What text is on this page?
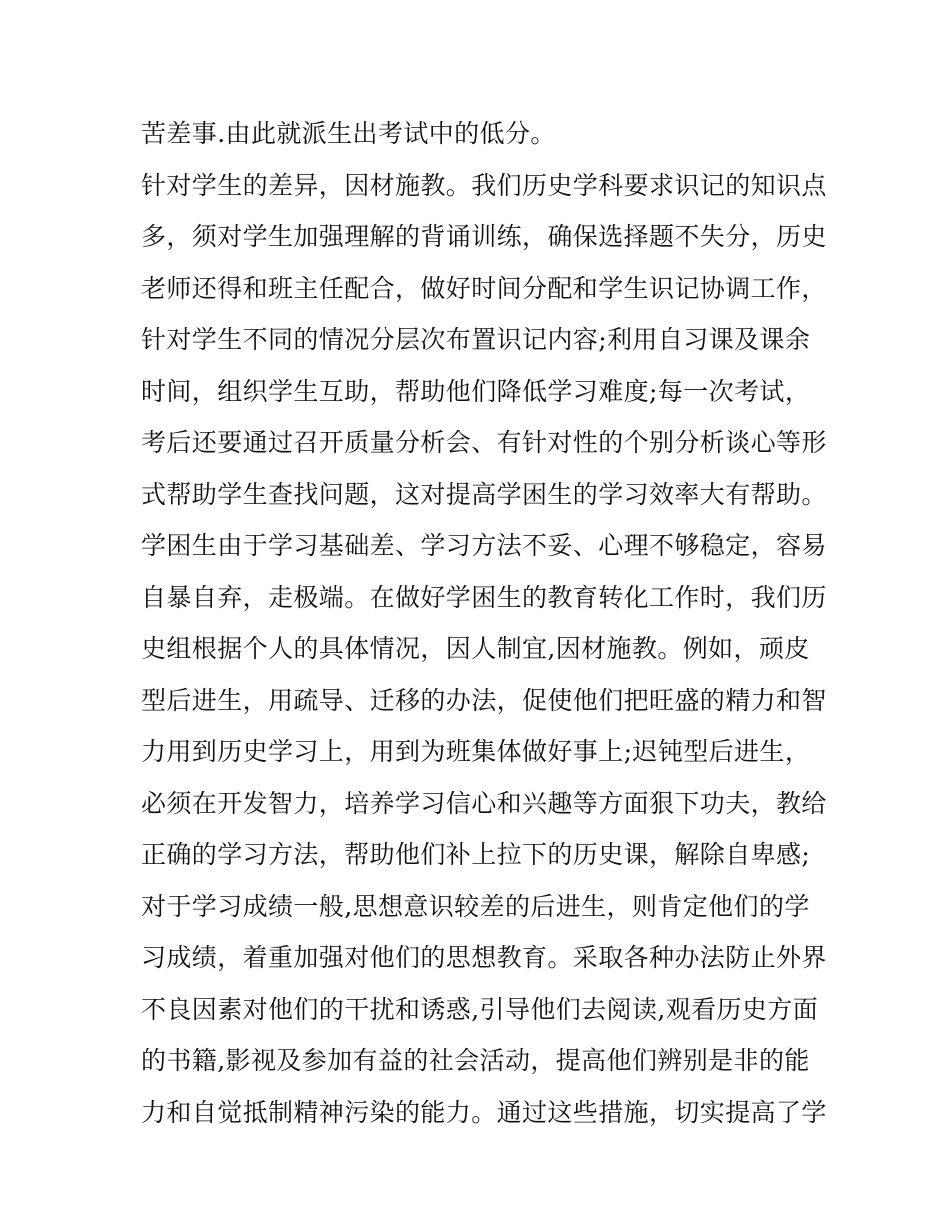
苦差事.由此就派生出考试中的低分。
针对学生的差异，因材施教。我们历史学科要求识记的知识点
多，须对学生加强理解的背诵训练，确保选择题不失分，历史
老师还得和班主任配合，做好时间分配和学生识记协调工作，
针对学生不同的情况分层次布置识记内容;利用自习课及课余
时间，组织学生互助，帮助他们降低学习难度;每一次考试，
考后还要通过召开质量分析会、有针对性的个别分析谈心等形
式帮助学生查找问题，这对提高学困生的学习效率大有帮助。
学困生由于学习基础差、学习方法不妥、心理不够稳定，容易
自暴自弃，走极端。在做好学困生的教育转化工作时，我们历
史组根据个人的具体情况，因人制宜,因材施教。例如，顽皮
型后进生，用疏导、迁移的办法，促使他们把旺盛的精力和智
力用到历史学习上，用到为班集体做好事上;迟钝型后进生，
必须在开发智力，培养学习信心和兴趣等方面狠下功夫，教给
正确的学习方法，帮助他们补上拉下的历史课，解除自卑感;
对于学习成绩一般,思想意识较差的后进生，则肯定他们的学
习成绩，着重加强对他们的思想教育。采取各种办法防止外界
不良因素对他们的干扰和诱惑,引导他们去阅读,观看历史方面
的书籍,影视及参加有益的社会活动，提高他们辨别是非的能
力和自觉抵制精神污染的能力。通过这些措施，切实提高了学
